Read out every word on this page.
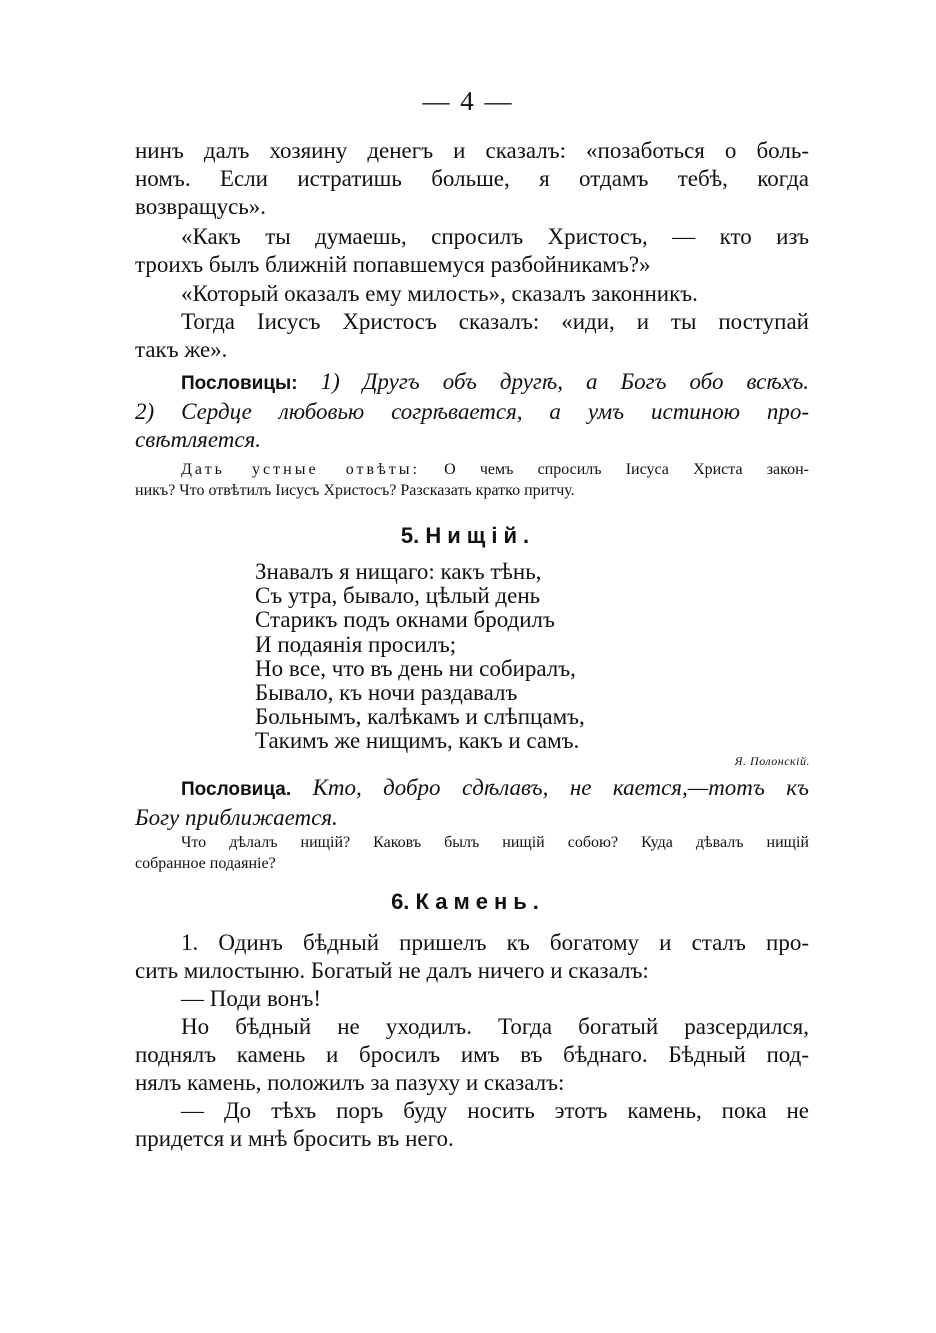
— 4 —
нинъ далъ хозяину денегъ и сказалъ: «позаботься о боль-
номъ. Если истратишь больше, я отдамъ тебѣ, когда
возвращусь».
«Какъ ты думаешь, спросилъ Христосъ, — кто изъ
троихъ былъ ближній попавшемуся разбойникамъ?»
«Который оказалъ ему милость», сказалъ законникъ.
Тогда Іисусъ Христосъ сказалъ: «иди, и ты поступай
такъ же».
Пословицы: 1) Другъ объ другѣ, а Богъ обо всѣхъ.
2) Сердце любовью согрѣвается, а умъ истиною про-
свѣтляется.
Дать устные отвѣты: О чемъ спросилъ Іисуса Христа закон-
никъ? Что отвѣтилъ Іисусъ Христосъ? Разсказать кратко притчу.
5. Нищій.
Знавалъ я нищаго: какъ тѣнь,
Съ утра, бывало, цѣлый день
Старикъ подъ окнами бродилъ
И подаянія просилъ;
Но все, что въ день ни собиралъ,
Бывало, къ ночи раздавалъ
Больнымъ, калѣкамъ и слѣпцамъ,
Такимъ же нищимъ, какъ и самъ.
Я. Полонскій.
Пословица. Кто, добро сдѣлавъ, не кается,—тотъ къ
Богу приближается.
Что дѣлалъ нищій? Каковъ былъ нищій собою? Куда дѣвалъ нищій
собранное подаяніе?
6. Камень.
1. Одинъ бѣдный пришелъ къ богатому и сталъ про-
сить милостыню. Богатый не далъ ничего и сказалъ:
— Поди вонъ!
Но бѣдный не уходилъ. Тогда богатый разсердился,
поднялъ камень и бросилъ имъ въ бѣднаго. Бѣдный под-
нялъ камень, положилъ за пазуху и сказалъ:
— До тѣхъ поръ буду носить этотъ камень, пока не
придется и мнѣ бросить въ него.
